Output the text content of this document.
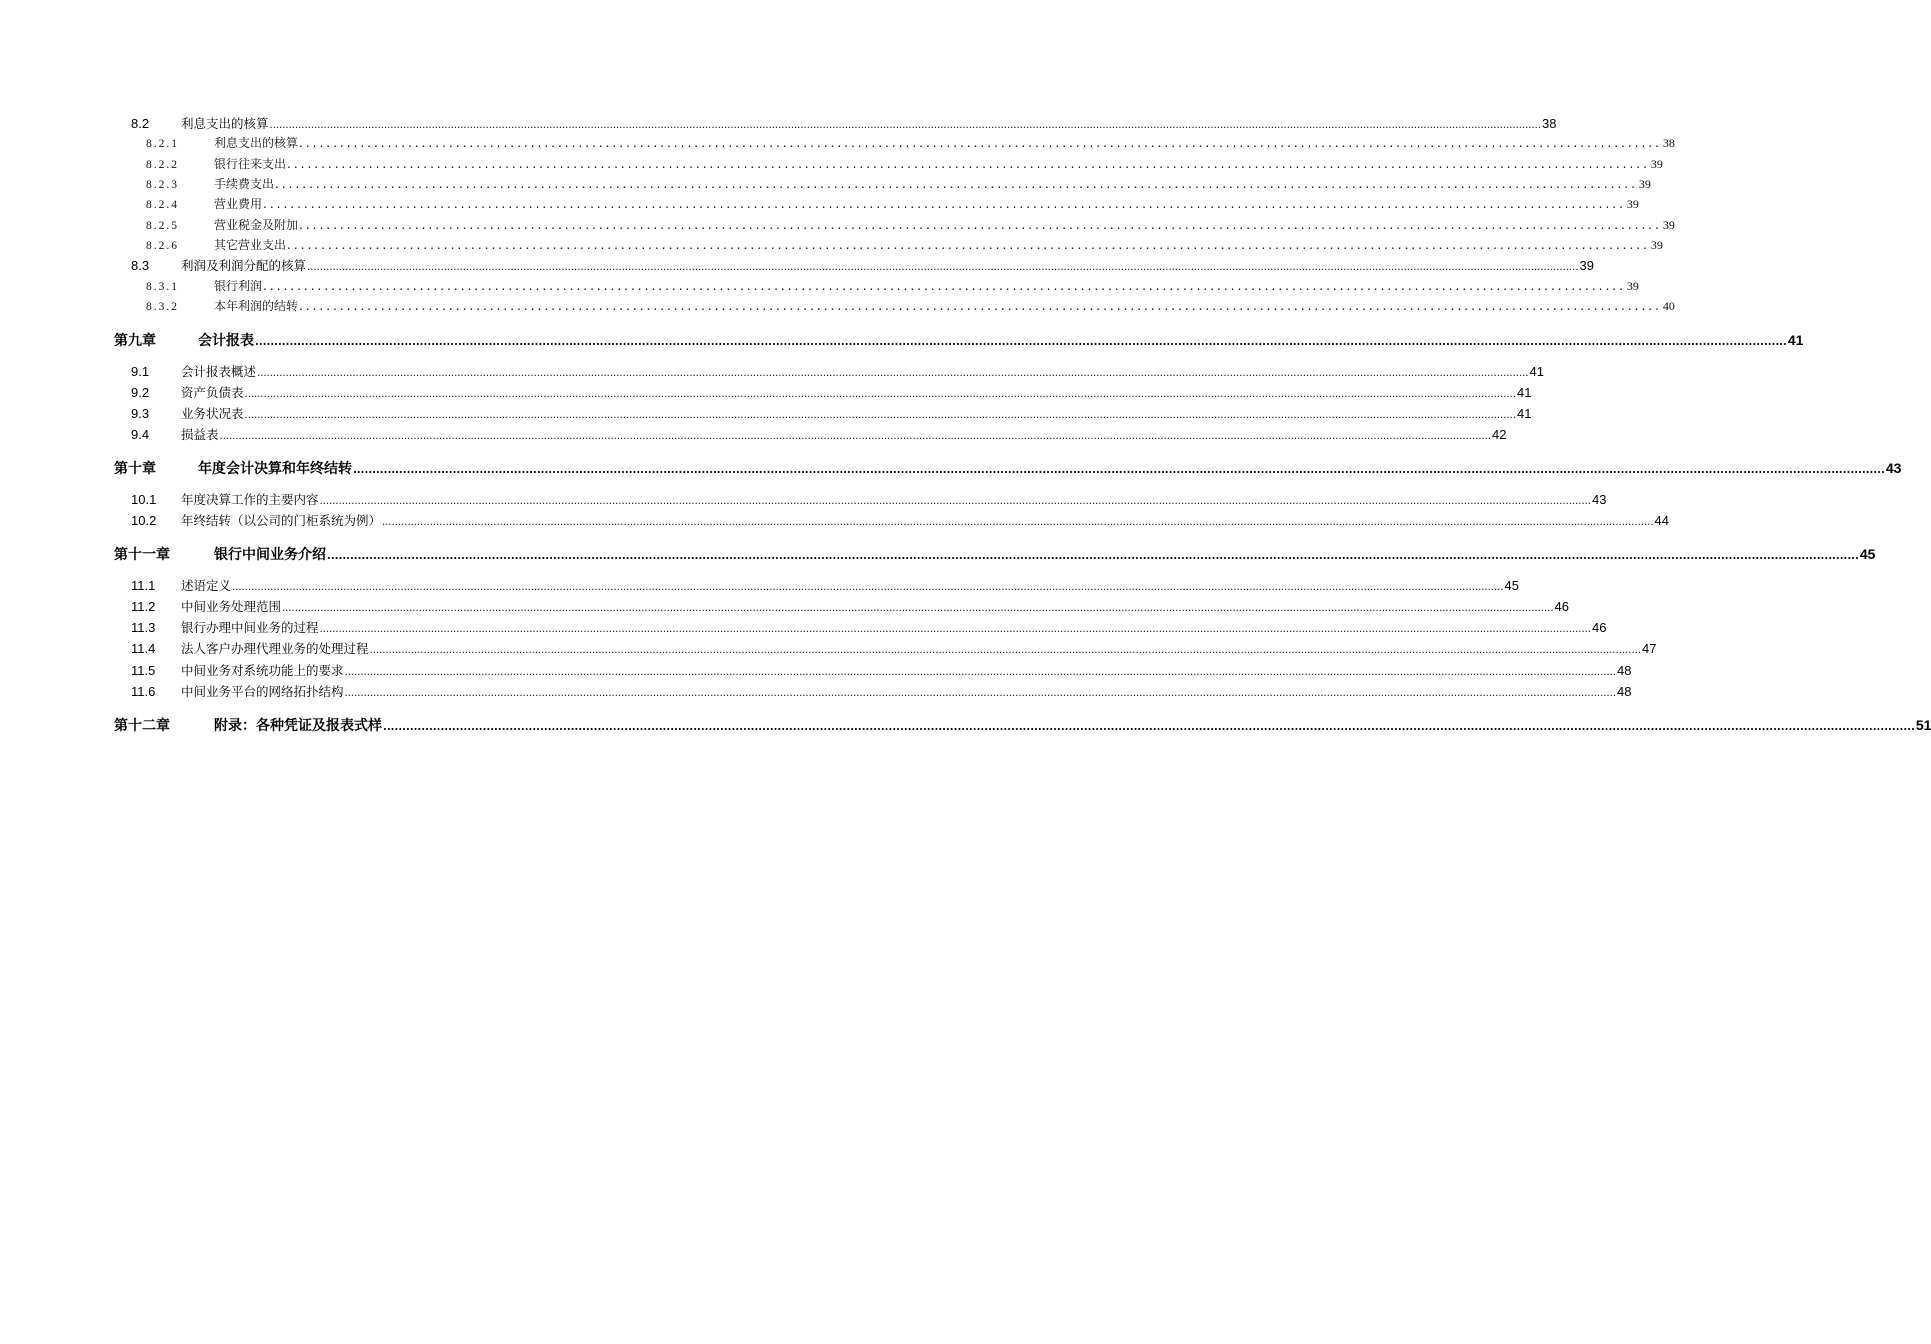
8.2	利息支出的核算 ................................................................................................................................................................................................................................................................................................................................................................................................................ 38
8.2.1	利息支出的核算 ........................................................................................................................................................................................................ 38
8.2.2	银行往来支出 ........................................................................................................................................................................................................ 39
8.2.3	手续费支出 ........................................................................................................................................................................................................ 39
8.2.4	营业费用 ........................................................................................................................................................................................................ 39
8.2.5	营业税金及附加 ........................................................................................................................................................................................................ 39
8.2.6	其它营业支出 ........................................................................................................................................................................................................ 39
8.3	利润及利润分配的核算 ................................................................................................................................................................................................................................................................................................................................................................................................................ 39
8.3.1	银行利润 ........................................................................................................................................................................................................ 39
8.3.2	本年利润的结转 ........................................................................................................................................................................................................ 40
第九章	会计报表 ................................................................................................................................................................................................................................................................................................................................................................................................................ 41
9.1	会计报表概述 ................................................................................................................................................................................................................................................................................................................................................................................................................ 41
9.2	资产负债表 ................................................................................................................................................................................................................................................................................................................................................................................................................ 41
9.3	业务状况表 ................................................................................................................................................................................................................................................................................................................................................................................................................ 41
9.4	损益表 ................................................................................................................................................................................................................................................................................................................................................................................................................ 42
第十章	年度会计决算和年终结转 ................................................................................................................................................................................................................................................................................................................................................................................................................ 43
10.1	年度决算工作的主要内容 ................................................................................................................................................................................................................................................................................................................................................................................................................ 43
10.2	年终结转（以公司的门柜系统为例） ................................................................................................................................................................................................................................................................................................................................................................................................................ 44
第十一章	银行中间业务介绍 ................................................................................................................................................................................................................................................................................................................................................................................................................ 45
11.1	述语定义 ................................................................................................................................................................................................................................................................................................................................................................................................................ 45
11.2	中间业务处理范围 ................................................................................................................................................................................................................................................................................................................................................................................................................ 46
11.3	银行办理中间业务的过程 ................................................................................................................................................................................................................................................................................................................................................................................................................ 46
11.4	法人客户办理代理业务的处理过程 ................................................................................................................................................................................................................................................................................................................................................................................................................ 47
11.5	中间业务对系统功能上的要求 ................................................................................................................................................................................................................................................................................................................................................................................................................ 48
11.6	中间业务平台的网络拓扑结构 ................................................................................................................................................................................................................................................................................................................................................................................................................ 48
第十二章	附录：各种凭证及报表式样 ................................................................................................................................................................................................................................................................................................................................................................................................................ 51
